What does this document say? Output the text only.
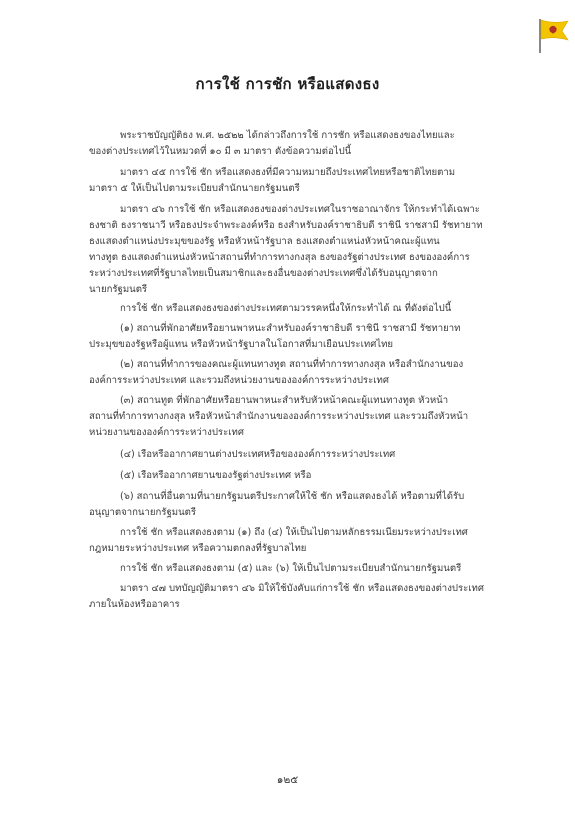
การใช้ การชัก หรือแสดงธง
พระราชบัญญัติธง พ.ศ. ๒๕๒๒ ได้กล่าวถึงการใช้ การชัก หรือแสดงธงของไทยและ
ของต่างประเทศไว้ในหมวดที่ ๑๐ มี ๓ มาตรา ดังข้อความต่อไปนี้
มาตรา ๔๕ การใช้ ชัก หรือแสดงธงที่มีความหมายถึงประเทศไทยหรือชาติไทยตาม
มาตรา ๕ ให้เป็นไปตามระเบียบสำนักนายกรัฐมนตรี
มาตรา ๔๖ การใช้ ชัก หรือแสดงธงของต่างประเทศในราชอาณาจักร ให้กระทำได้เฉพาะ
ธงชาติ ธงราชนาวี หรือธงประจำพระองค์หรือ ธงสำหรับองค์ราชาธิบดี ราชินี ราชสามี รัชทายาท
ธงแสดงตำแหน่งประมุขของรัฐ หรือหัวหน้ารัฐบาล ธงแสดงตำแหน่งหัวหน้าคณะผู้แทน
ทางทูต ธงแสดงตำแหน่งหัวหน้าสถานที่ทำการทางกงสุล ธงของรัฐต่างประเทศ ธงขององค์การ
ระหว่างประเทศที่รัฐบาลไทยเป็นสมาชิกและธงอื่นของต่างประเทศซึ่งได้รับอนุญาตจาก
นายกรัฐมนตรี
การใช้ ชัก หรือแสดงธงของต่างประเทศตามวรรคหนึ่งให้กระทำได้ ณ ที่ดังต่อไปนี้
(๑) สถานที่พักอาศัยหรือยานพาหนะสำหรับองค์ราชาธิบดี ราชินี ราชสามี รัชทายาท
ประมุขของรัฐหรือผู้แทน หรือหัวหน้ารัฐบาลในโอกาสที่มาเยือนประเทศไทย
(๒) สถานที่ทำการของคณะผู้แทนทางทูต สถานที่ทำการทางกงสุล หรือสำนักงานของ
องค์การระหว่างประเทศ และรวมถึงหน่วยงานขององค์การระหว่างประเทศ
(๓) สถานทูต ที่พักอาศัยหรือยานพาหนะสำหรับหัวหน้าคณะผู้แทนทางทูต หัวหน้า
สถานที่ทำการทางกงสุล หรือหัวหน้าสำนักงานขององค์การระหว่างประเทศ และรวมถึงหัวหน้า
หน่วยงานขององค์การระหว่างประเทศ
(๔) เรือหรืออากาศยานต่างประเทศหรือขององค์การระหว่างประเทศ
(๕) เรือหรืออากาศยานของรัฐต่างประเทศ หรือ
(๖) สถานที่อื่นตามที่นายกรัฐมนตรีประกาศให้ใช้ ชัก หรือแสดงธงได้ หรือตามที่ได้รับ
อนุญาตจากนายกรัฐมนตรี
การใช้ ชัก หรือแสดงธงตาม (๑) ถึง (๔) ให้เป็นไปตามหลักธรรมเนียมระหว่างประเทศ
กฎหมายระหว่างประเทศ หรือความตกลงที่รัฐบาลไทย
การใช้ ชัก หรือแสดงธงตาม (๕) และ (๖) ให้เป็นไปตามระเบียบสำนักนายกรัฐมนตรี
มาตรา ๔๗ บทบัญญัติมาตรา ๔๖ มิให้ใช้บังคับแก่การใช้ ชัก หรือแสดงธงของต่างประเทศ
ภายในห้องหรืออาคาร
๑๒๕
